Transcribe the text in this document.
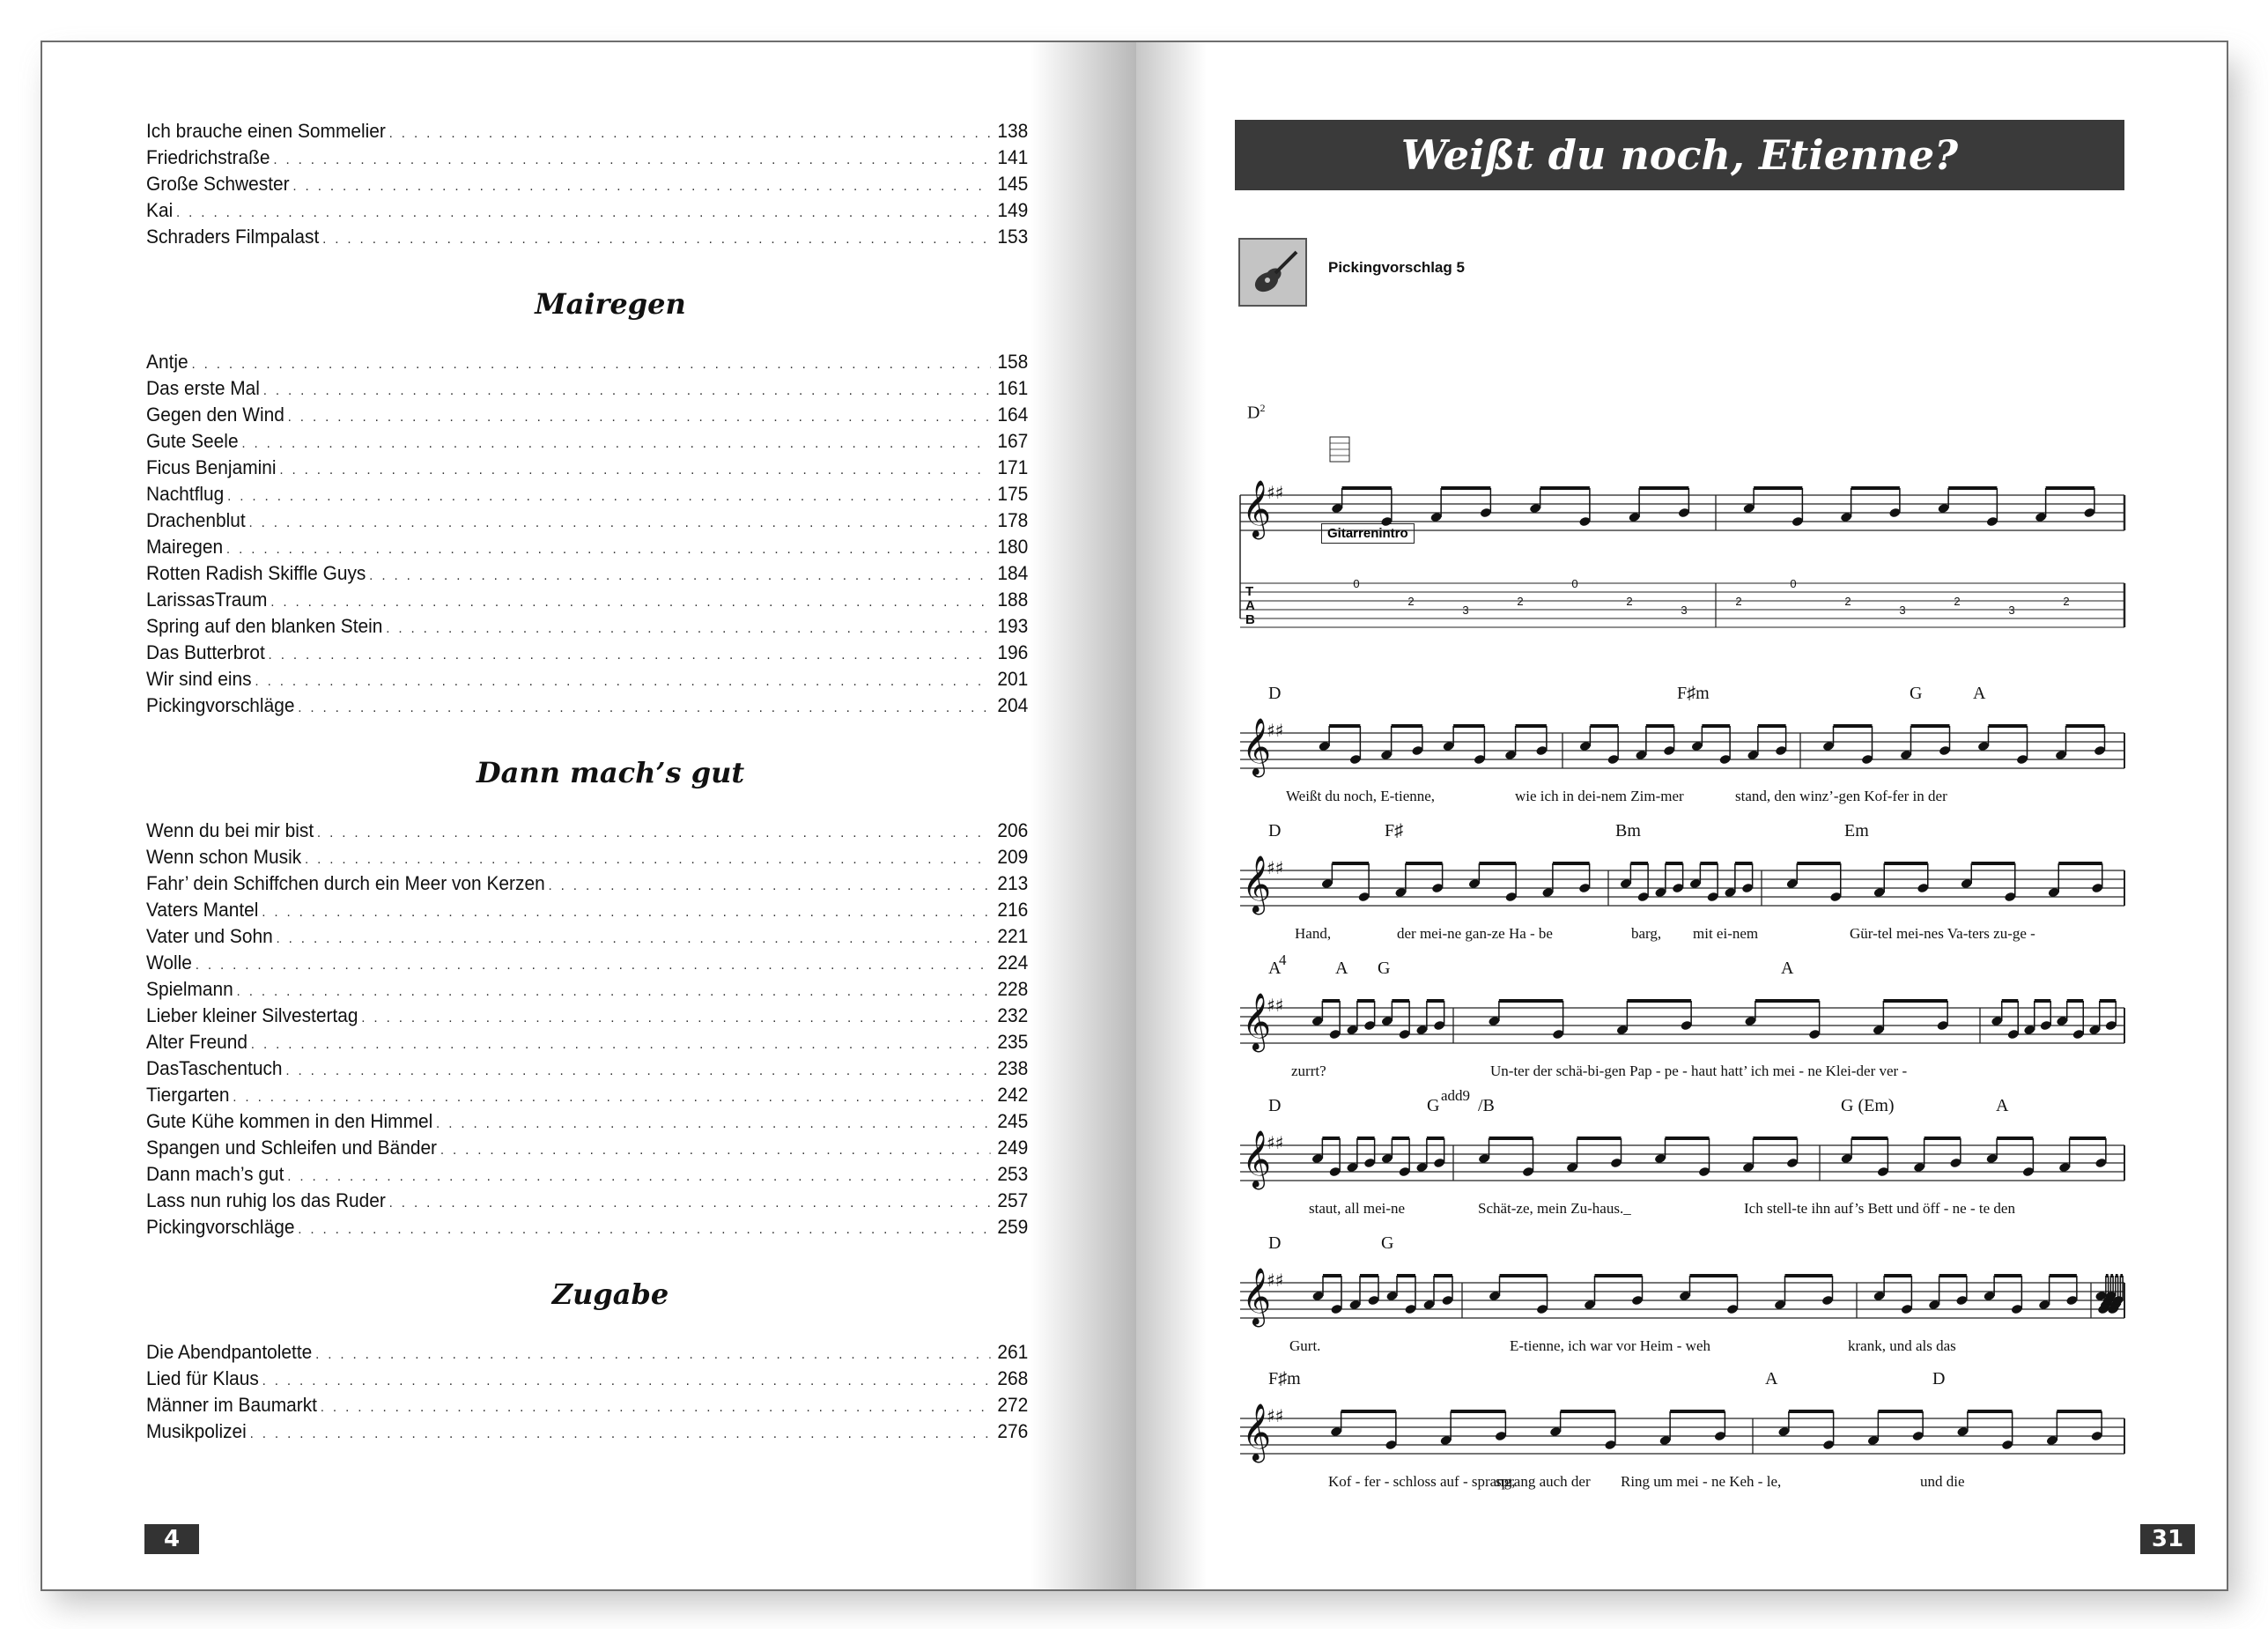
Ich brauche einen Sommelier . . .	138
Friedrichstraße . . .	141
Große Schwester . . .	145
Kai . . .	149
Schraders Filmpalast . . .	153
Mairegen
Antje . . .	158
Das erste Mal . . .	161
Gegen den Wind . . .	164
Gute Seele . . .	167
Ficus Benjamini . . .	171
Nachtflug . . .	175
Drachenblut . . .	178
Mairegen . . .	180
Rotten Radish Skiffle Guys . . .	184
LarissasTraum . . .	188
Spring auf den blanken Stein . . .	193
Das Butterbrot . . .	196
Wir sind eins . . .	201
Pickingvorschläge . . .	204
Dann mach’s gut
Wenn du bei mir bist . . .	206
Wenn schon Musik . . .	209
Fahr’ dein Schiffchen durch ein Meer von Kerzen . . .	213
Vaters Mantel . . .	216
Vater und Sohn . . .	221
Wolle . . .	224
Spielmann . . .	228
Lieber kleiner Silvestertag . . .	232
Alter Freund . . .	235
DasTaschentuch . . .	238
Tiergarten . . .	242
Gute Kühe kommen in den Himmel . . .	245
Spangen und Schleifen und Bänder . . .	249
Dann mach’s gut . . .	253
Lass nun ruhig los das Ruder . . .	257
Pickingvorschläge . . .	259
Zugabe
Die Abendpantolette . . .	261
Lied für Klaus . . .	268
Männer im Baumarkt . . .	272
Musikpolizei . . .	276
4
Weißt du noch, Etienne?
Pickingvorschlag 5
$D^2$
Gitarrenintro
𝄞
♯♯
T
A
B
0
2
3
2
0
2
3
2
0
2
3
2
3
2
𝄞
♯♯
𝄞
♯♯
𝄞
♯♯
𝄞
♯♯
𝄞
♯♯
𝄞
♯♯
D	F♯m	G	A
Weißt du noch, E-tienne,	wie ich in dei-nem Zim-mer	stand, den winz’-gen Kof-fer in der
D	F♯	Bm	Em
Hand,	der mei-ne gan-ze Ha - be	barg, mit ei-nem	Gür-tel mei-nes Va-ters zu-ge -
A	A G	A
zurrt?	Un-ter der schä-bi-gen Pap - pe - haut hatt’ ich mei - ne Klei-der ver -
D	G /B	G (Em)	A
staut, all mei-ne	Schät-ze, mein Zu-haus._	Ich stell-te ihn auf’s Bett und öff - ne - te den
D	G
Gurt.	E-tienne, ich war vor Heim - weh	krank, und als das
F♯m	A	D
Kof - fer - schloss auf - sprang,
sprang auch der Ring um mei - ne Keh - le,	und die
4
add9
31
